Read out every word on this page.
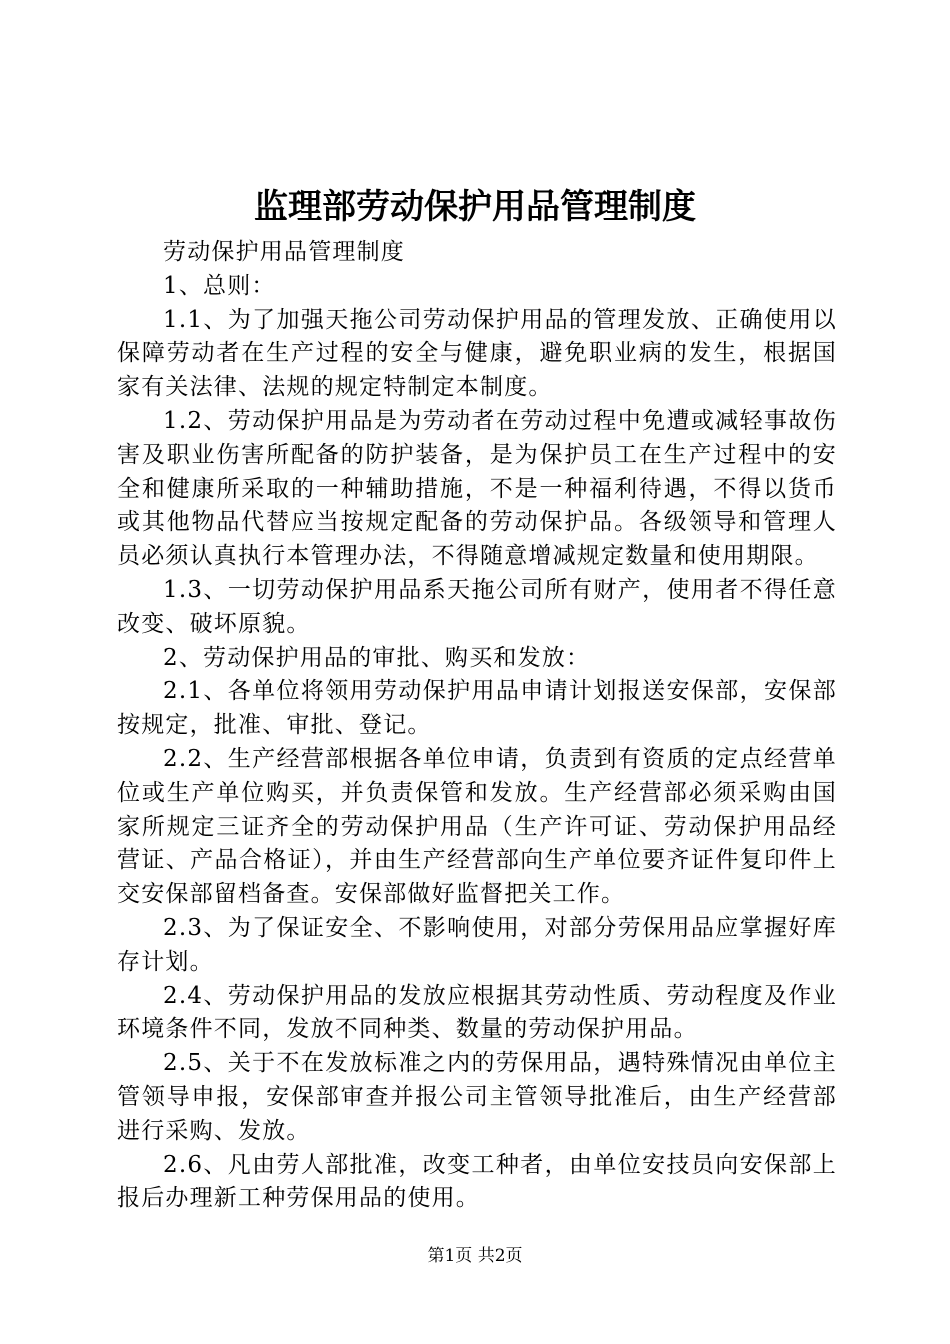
监理部劳动保护用品管理制度

劳动保护用品管理制度

1、总则：

1.1、为了加强天拖公司劳动保护用品的管理发放、正确使用以保障劳动者在生产过程的安全与健康，避免职业病的发生，根据国家有关法律、法规的规定特制定本制度。

1.2、劳动保护用品是为劳动者在劳动过程中免遭或减轻事故伤害及职业伤害所配备的防护装备，是为保护员工在生产过程中的安全和健康所采取的一种辅助措施，不是一种福利待遇，不得以货币或其他物品代替应当按规定配备的劳动保护品。各级领导和管理人员必须认真执行本管理办法，不得随意增减规定数量和使用期限。

1.3、一切劳动保护用品系天拖公司所有财产，使用者不得任意改变、破坏原貌。

2、劳动保护用品的审批、购买和发放：

2.1、各单位将领用劳动保护用品申请计划报送安保部，安保部按规定，批准、审批、登记。

2.2、生产经营部根据各单位申请，负责到有资质的定点经营单位或生产单位购买，并负责保管和发放。生产经营部必须采购由国家所规定三证齐全的劳动保护用品（生产许可证、劳动保护用品经营证、产品合格证），并由生产经营部向生产单位要齐证件复印件上交安保部留档备查。安保部做好监督把关工作。

2.3、为了保证安全、不影响使用，对部分劳保用品应掌握好库存计划。

2.4、劳动保护用品的发放应根据其劳动性质、劳动程度及作业环境条件不同，发放不同种类、数量的劳动保护用品。

2.5、关于不在发放标准之内的劳保用品，遇特殊情况由单位主管领导申报，安保部审查并报公司主管领导批准后，由生产经营部进行采购、发放。

2.6、凡由劳人部批准，改变工种者，由单位安技员向安保部上报后办理新工种劳保用品的使用。

第1页 共2页
